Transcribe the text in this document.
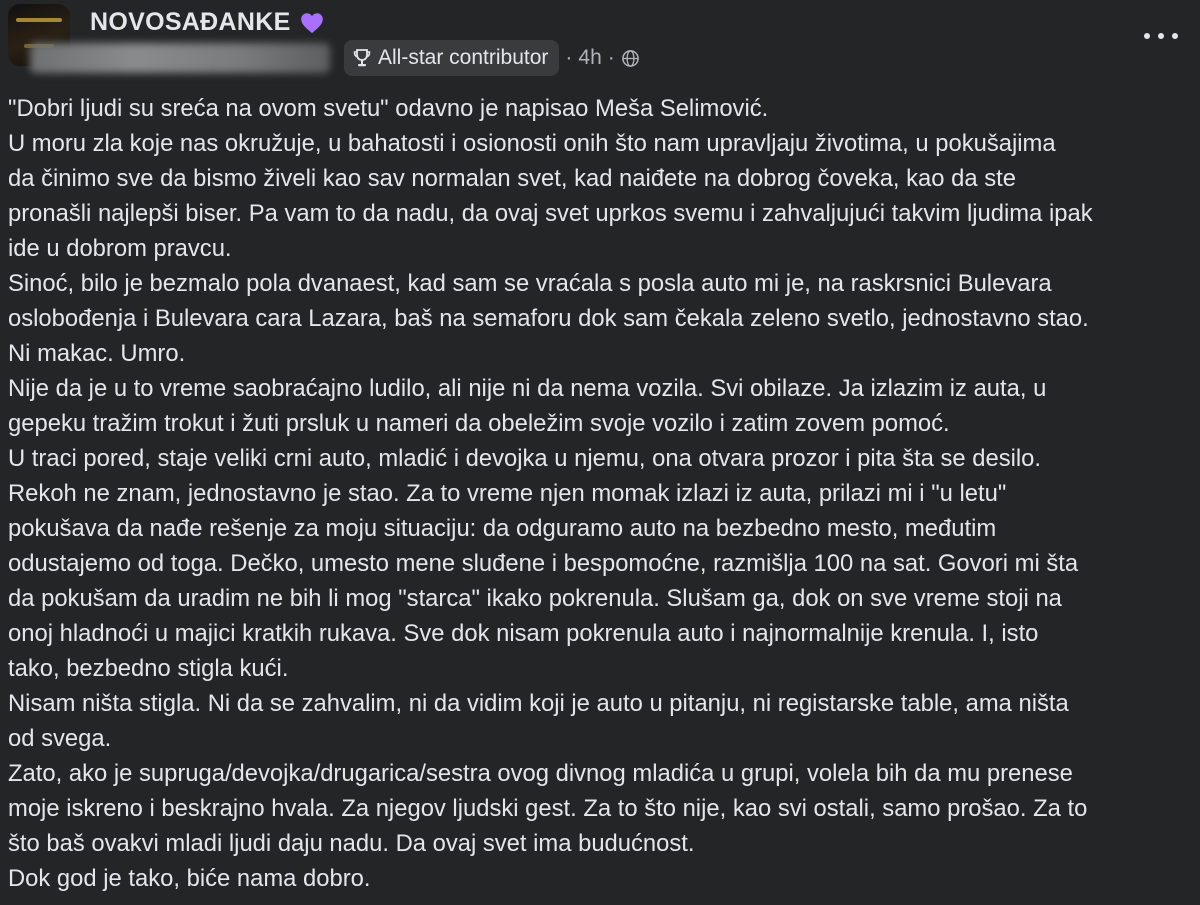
NOVOSAĐANKE
All-star contributor · 4h ·

"Dobri ljudi su sreća na ovom svetu" odavno je napisao Meša Selimović.

U moru zla koje nas okružuje, u bahatosti i osionosti onih što nam upravljaju životima, u pokušajima

da činimo sve da bismo živeli kao sav normalan svet, kad naiđete na dobrog čoveka, kao da ste

pronašli najlepši biser. Pa vam to da nadu, da ovaj svet uprkos svemu i zahvaljujući takvim ljudima ipak

ide u dobrom pravcu.

Sinoć, bilo je bezmalo pola dvanaest, kad sam se vraćala s posla auto mi je, na raskrsnici Bulevara

oslobođenja i Bulevara cara Lazara, baš na semaforu dok sam čekala zeleno svetlo, jednostavno stao.

Ni makac. Umro.

Nije da je u to vreme saobraćajno ludilo, ali nije ni da nema vozila. Svi obilaze. Ja izlazim iz auta, u

gepeku tražim trokut i žuti prsluk u nameri da obeležim svoje vozilo i zatim zovem pomoć.

U traci pored, staje veliki crni auto, mladić i devojka u njemu, ona otvara prozor i pita šta se desilo.

Rekoh ne znam, jednostavno je stao. Za to vreme njen momak izlazi iz auta, prilazi mi i "u letu"

pokušava da nađe rešenje za moju situaciju: da odguramo auto na bezbedno mesto, međutim

odustajemo od toga. Dečko, umesto mene sluđene i bespomoćne, razmišlja 100 na sat. Govori mi šta

da pokušam da uradim ne bih li mog "starca" ikako pokrenula. Slušam ga, dok on sve vreme stoji na

onoj hladnoći u majici kratkih rukava. Sve dok nisam pokrenula auto i najnormalnije krenula. I, isto

tako, bezbedno stigla kući.

Nisam ništa stigla. Ni da se zahvalim, ni da vidim koji je auto u pitanju, ni registarske table, ama ništa

od svega.

Zato, ako je supruga/devojka/drugarica/sestra ovog divnog mladića u grupi, volela bih da mu prenese

moje iskreno i beskrajno hvala. Za njegov ljudski gest. Za to što nije, kao svi ostali, samo prošao. Za to

što baš ovakvi mladi ljudi daju nadu. Da ovaj svet ima budućnost.

Dok god je tako, biće nama dobro.
